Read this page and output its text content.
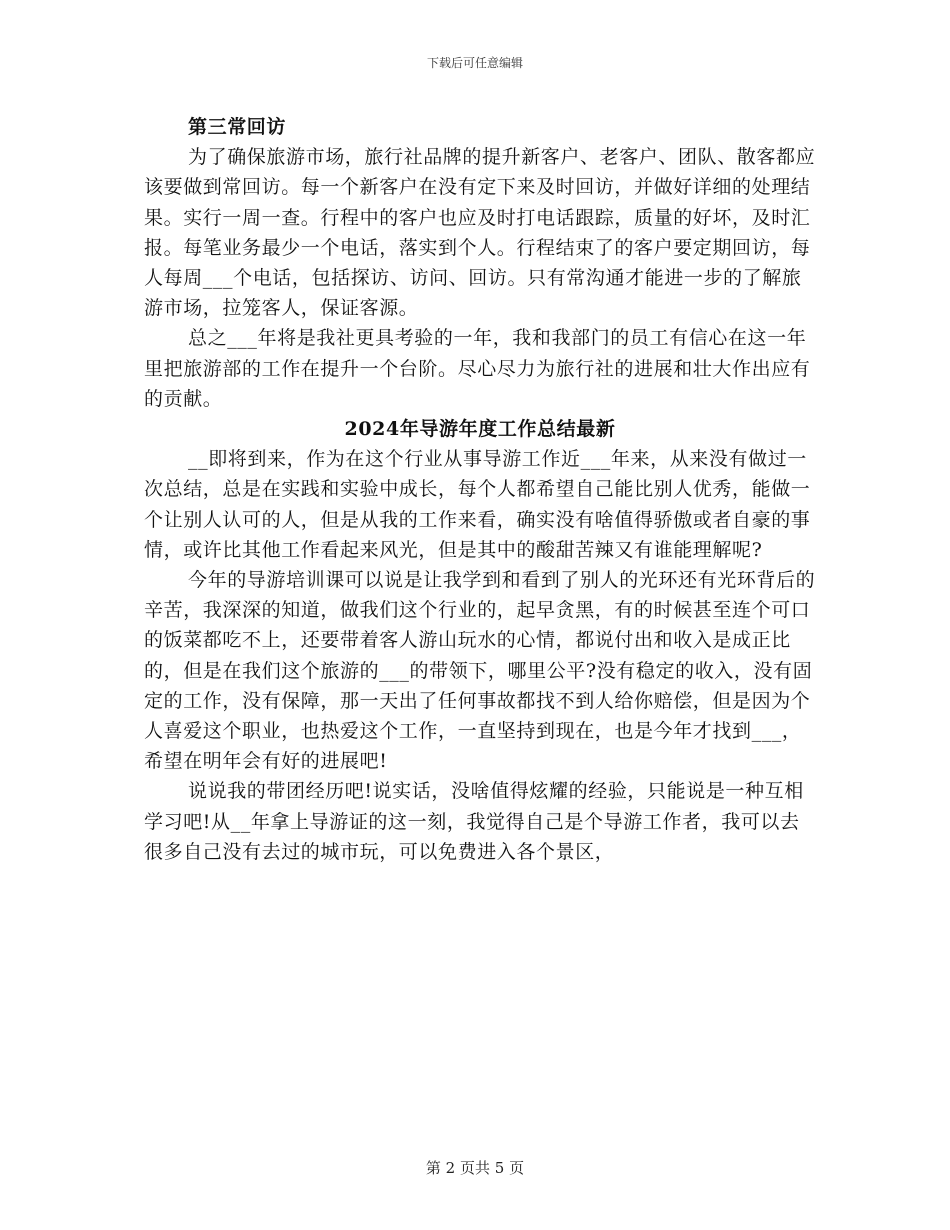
下载后可任意编辑

第三常回访

为了确保旅游市场，旅行社品牌的提升新客户、老客户、团队、散客都应该要做到常回访。每一个新客户在没有定下来及时回访，并做好详细的处理结果。实行一周一查。行程中的客户也应及时打电话跟踪，质量的好坏，及时汇报。每笔业务最少一个电话，落实到个人。行程结束了的客户要定期回访，每人每周___个电话，包括探访、访问、回访。只有常沟通才能进一步的了解旅游市场，拉笼客人，保证客源。

总之___年将是我社更具考验的一年，我和我部门的员工有信心在这一年里把旅游部的工作在提升一个台阶。尽心尽力为旅行社的进展和壮大作出应有的贡献。

2024年导游年度工作总结最新

__即将到来，作为在这个行业从事导游工作近___年来，从来没有做过一次总结，总是在实践和实验中成长，每个人都希望自己能比别人优秀，能做一个让别人认可的人，但是从我的工作来看，确实没有啥值得骄傲或者自豪的事情，或许比其他工作看起来风光，但是其中的酸甜苦辣又有谁能理解呢?

今年的导游培训课可以说是让我学到和看到了别人的光环还有光环背后的辛苦，我深深的知道，做我们这个行业的，起早贪黑，有的时候甚至连个可口的饭菜都吃不上，还要带着客人游山玩水的心情，都说付出和收入是成正比的，但是在我们这个旅游的___的带领下，哪里公平?没有稳定的收入，没有固定的工作，没有保障，那一天出了任何事故都找不到人给你赔偿，但是因为个人喜爱这个职业，也热爱这个工作，一直坚持到现在，也是今年才找到___，希望在明年会有好的进展吧!

说说我的带团经历吧!说实话，没啥值得炫耀的经验，只能说是一种互相学习吧!从__年拿上导游证的这一刻，我觉得自己是个导游工作者，我可以去很多自己没有去过的城市玩，可以免费进入各个景区，

第 2 页共 5 页
